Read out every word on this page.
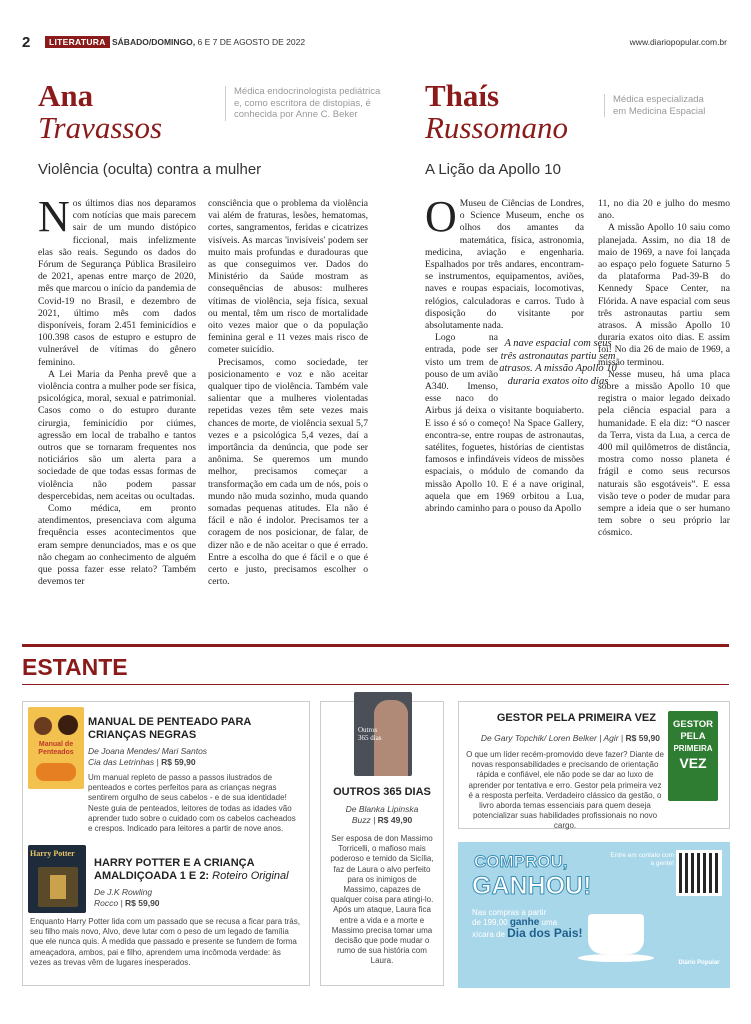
2	LITERATURA SÁBADO/DOMINGO, 6 E 7 DE AGOSTO DE 2022	www.diariopopular.com.br
Ana
Travassos
Médica endocrinologista pediátrica e, como escritora de distopias, é conhecida por Anne C. Beker
Violência (oculta) contra a mulher

Nos últimos dias nos deparamos com notícias que mais parecem sair de um mundo distópico ficcional, mais infelizmente elas são reais. Segundo os dados do Fórum de Segurança Pública Brasileiro de 2021, apenas entre março de 2020, mês que marcou o início da pandemia de Covid-19 no Brasil, e dezembro de 2021, último mês com dados disponíveis, foram 2.451 feminicídios e 100.398 casos de estupro e estupro de vulnerável de vítimas do gênero feminino.

A Lei Maria da Penha prevê que a violência contra a mulher pode ser física, psicológica, moral, sexual e patrimonial. Casos como o do estupro durante cirurgia, feminicídio por ciúmes, agressão em local de trabalho e tantos outros que se tornaram frequentes nos noticiários são um alerta para a sociedade de que todas essas formas de violência não podem passar despercebidas, nem aceitas ou ocultadas.

Como médica, em pronto atendimentos, presenciava com alguma frequência esses acontecimentos que eram sempre denunciados, mas e os que não chegam ao conhecimento de alguém que possa fazer esse relato? Também devemos ter

consciência que o problema da violência vai além de fraturas, lesões, hematomas, cortes, sangramentos, feridas e cicatrizes visíveis. As marcas 'invisíveis' podem ser muito mais profundas e duradouras que as que conseguimos ver. Dados do Ministério da Saúde mostram as consequências de abusos: mulheres vítimas de violência, seja física, sexual ou mental, têm um risco de mortalidade oito vezes maior que o da população feminina geral e 11 vezes mais risco de cometer suicídio.

Precisamos, como sociedade, ter posicionamento e voz e não aceitar qualquer tipo de violência. Também vale salientar que a mulheres violentadas repetidas vezes têm sete vezes mais chances de morte, de violência sexual 5,7 vezes e a psicológica 5,4 vezes, daí a importância da denúncia, que pode ser anônima. Se queremos um mundo melhor, precisamos começar a transformação em cada um de nós, pois o mundo não muda sozinho, muda quando somadas pequenas atitudes. Ela não é fácil e não é indolor. Precisamos ter a coragem de nos posicionar, de falar, de dizer não e de não aceitar o que é errado. Entre a escolha do que é fácil e o que é certo e justo, precisamos escolher o certo.

Thaís
Russomano
Médica especializada em Medicina Espacial
A Lição da Apollo 10

O Museu de Ciências de Londres, o Science Museum, enche os olhos dos amantes da matemática, física, astronomia, medicina, aviação e engenharia. Espalhados por três andares, encontram-se instrumentos, equipamentos, aviões, naves e roupas espaciais, locomotivas, relógios, calculadoras e carros. Tudo à disposição do visitante por absolutamente nada.

A nave espacial com seus três astronautas partiu sem atrasos. A missão Apollo 10 duraria exatos oito dias

Logo na entrada, pode ser visto um trem de pouso de um avião A340. Imenso, esse naco do Airbus já deixa o visitante boquiaberto. E isso é só o começo! Na Space Gallery, encontra-se, entre roupas de astronautas, satélites, foguetes, histórias de cientistas famosos e infindáveis vídeos de missões espaciais, o módulo de comando da missão Apollo 10. E é a nave original, aquela que em 1969 orbitou a Lua, abrindo caminho para o pouso da Apollo

11, no dia 20 e julho do mesmo ano.

A missão Apollo 10 saiu como planejada. Assim, no dia 18 de maio de 1969, a nave foi lançada ao espaço pelo foguete Saturno 5 da plataforma Pad-39-B do Kennedy Space Center, na Flórida. A nave espacial com seus três astronautas partiu sem atrasos. A missão Apollo 10 duraria exatos oito dias. E assim foi! No dia 26 de maio de 1969, a missão terminou.

Nesse museu, há uma placa sobre a missão Apollo 10 que registra o maior legado deixado pela ciência espacial para a humanidade. E ela diz: “O nascer da Terra, vista da Lua, a cerca de 400 mil quilômetros de distância, mostra como nosso planeta é frágil e como seus recursos naturais são esgotáveis”. E essa visão teve o poder de mudar para sempre a ideia que o ser humano tem sobre o seu próprio lar cósmico.

ESTANTE
Manual de Penteados
MANUAL DE PENTEADO PARA CRIANÇAS NEGRAS
De Joana Mendes/ Mari Santos
Cia das Letrinhas | R$ 59,90
Um manual repleto de passo a passos ilustrados de penteados e cortes perfeitos para as crianças negras sentirem orgulho de seus cabelos - e de sua identidade! Neste guia de penteados, leitores de todas as idades vão aprender tudo sobre o cuidado com os cabelos cacheados e crespos. Indicado para leitores a partir de nove anos.
Harry Potter
HARRY POTTER E A CRIANÇA AMALDIÇOADA 1 E 2: Roteiro Original
De J.K Rowling
Rocco | R$ 59,90
Enquanto Harry Potter lida com um passado que se recusa a ficar para trás, seu filho mais novo, Alvo, deve lutar com o peso de um legado de família que ele nunca quis. À medida que passado e presente se fundem de forma ameaçadora, ambos, pai e filho, aprendem uma incômoda verdade: às vezes as trevas vêm de lugares inesperados.
Outros 365 dias
OUTROS 365 DIAS
De Blanka Lipinska
Buzz | R$ 49,90
Ser esposa de don Massimo Torricelli, o mafioso mais poderoso e temido da Sicília, faz de Laura o alvo perfeito para os inimigos de Massimo, capazes de qualquer coisa para atingi-lo. Após um ataque, Laura fica entre a vida e a morte e Massimo precisa tomar uma decisão que pode mudar o rumo de sua história com Laura.
GESTOR PELA PRIMEIRA VEZ
De Gary Topchik/ Loren Belker | Agir | R$ 59,90
O que um líder recém-promovido deve fazer? Diante de novas responsabilidades e precisando de orientação rápida e confiável, ele não pode se dar ao luxo de aprender por tentativa e erro. Gestor pela primeira vez é a resposta perfeita. Verdadeiro clássico da gestão, o livro aborda temas essenciais para quem deseja potencializar suas habilidades profissionais no novo cargo.
GESTOR
PELA
PRIMEIRA
VEZ
COMPROU,
GANHOU!
Nas compras a partir
de 199,00 ganhe uma
xícara de Dia dos Pais!
Entre em contato com a gente!
Diário Popular
